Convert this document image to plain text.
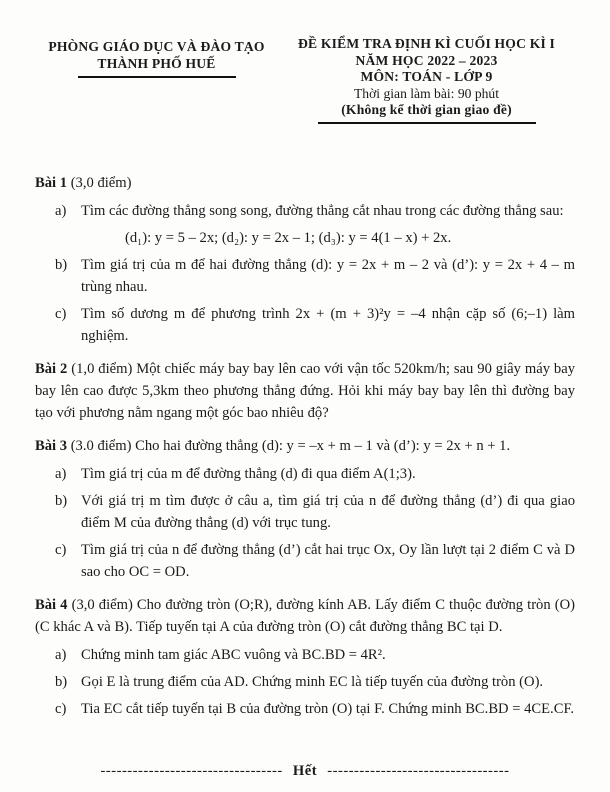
PHÒNG GIÁO DỤC VÀ ĐÀO TẠO
THÀNH PHỐ HUẾ
ĐỀ KIỂM TRA ĐỊNH KÌ CUỐI HỌC KÌ I
NĂM HỌC 2022 – 2023
MÔN: TOÁN - LỚP 9
Thời gian làm bài: 90 phút
(Không kể thời gian giao đề)

Bài 1 (3,0 điểm)

a)	Tìm các đường thẳng song song, đường thẳng cắt nhau trong các đường thẳng sau:
(d₁): y = 5 – 2x; (d₂): y = 2x – 1; (d₃): y = 4(1 – x) + 2x.
b) Tìm giá trị của m để hai đường thẳng (d): y = 2x + m – 2 và (d’): y = 2x + 4 – m trùng nhau.
c)	Tìm số dương m để phương trình 2x + (m + 3)²y = –4 nhận cặp số (6;–1) làm nghiệm.

Bài 2 (1,0 điểm) Một chiếc máy bay bay lên cao với vận tốc 520km/h; sau 90 giây máy bay bay lên cao được 5,3km theo phương thẳng đứng. Hỏi khi máy bay bay lên thì đường bay tạo với phương nằm ngang một góc bao nhiêu độ?

Bài 3 (3.0 điểm) Cho hai đường thẳng (d): y = –x + m – 1 và (d’): y = 2x + n + 1.

a)	Tìm giá trị của m để đường thẳng (d) đi qua điểm A(1;3).
b) Với giá trị m tìm được ở câu a, tìm giá trị của n để đường thẳng (d’) đi qua giao điểm M của đường thẳng (d) với trục tung.
c)	Tìm giá trị của n để đường thẳng (d’) cắt hai trục Ox, Oy lần lượt tại 2 điểm C và D sao cho OC = OD.

Bài 4 (3,0 điểm) Cho đường tròn (O;R), đường kính AB. Lấy điểm C thuộc đường tròn (O) (C khác A và B). Tiếp tuyến tại A của đường tròn (O) cắt đường thẳng BC tại D.

a)	Chứng minh tam giác ABC vuông và BC.BD = 4R².
b) Gọi E là trung điểm của AD. Chứng minh EC là tiếp tuyến của đường tròn (O).
c)	Tia EC cắt tiếp tuyến tại B của đường tròn (O) tại F. Chứng minh BC.BD = 4CE.CF.
---------------------------------- Hết ----------------------------------
